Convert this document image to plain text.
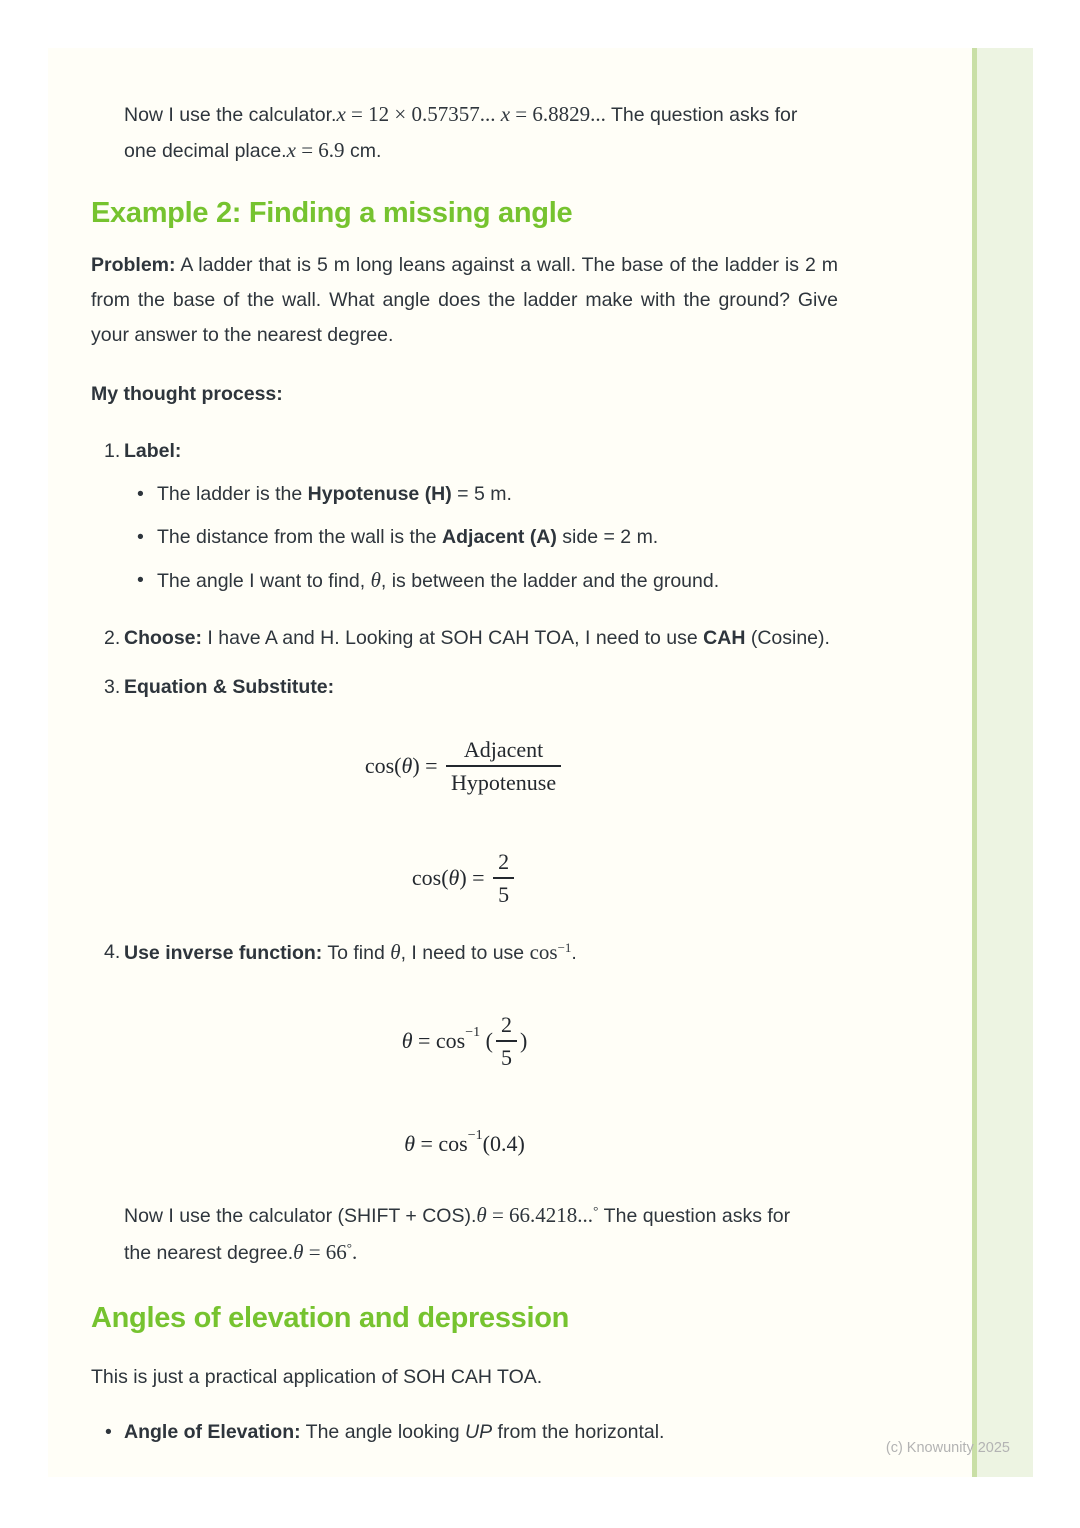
Now I use the calculator.x = 12 × 0.57357... x = 6.8829... The question asks for one decimal place.x = 6.9 cm.

Example 2: Finding a missing angle

Problem: A ladder that is 5 m long leans against a wall. The base of the ladder is 2 m from the base of the wall. What angle does the ladder make with the ground? Give your answer to the nearest degree.

My thought process:

1. Label:
• The ladder is the Hypotenuse (H) = 5 m.
• The distance from the wall is the Adjacent (A) side = 2 m.
• The angle I want to find, θ, is between the ladder and the ground.
2. Choose: I have A and H. Looking at SOH CAH TOA, I need to use CAH (Cosine).
3. Equation & Substitute:
cos( θ ) = $\frac{\text{Adjacent}}{\text{Hypotenuse}}$
cos( θ ) = $\frac{2}{5}$
4. Use inverse function: To find θ, I need to use $\cos^{-1}$.
θ = cos −1 ( $\frac{2}{5}$ )
θ = cos −1 (0.4)

Now I use the calculator (SHIFT + COS).θ = 66.4218...° The question asks for the nearest degree.θ = 66°.

Angles of elevation and depression

This is just a practical application of SOH CAH TOA.

• Angle of Elevation: The angle looking UP from the horizontal.
(c) Knowunity 2025
